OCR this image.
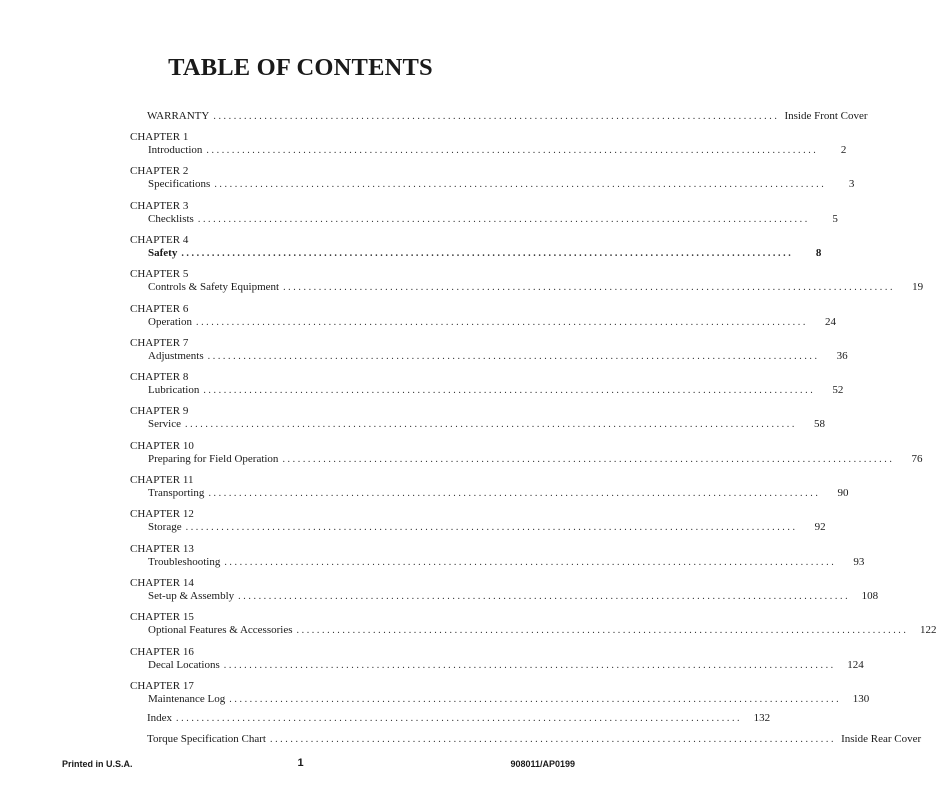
TABLE OF CONTENTS
WARRANTY ............................................................................................................... Inside Front Cover
CHAPTER 1
Introduction ........................................................................................................................	2
CHAPTER 2
Specifications ........................................................................................................................	3
CHAPTER 3
Checklists ........................................................................................................................	5
CHAPTER 4
Safety ........................................................................................................................	8
CHAPTER 5
Controls & Safety Equipment ........................................................................................................................	19
CHAPTER 6
Operation ........................................................................................................................	24
CHAPTER 7
Adjustments ........................................................................................................................	36
CHAPTER 8
Lubrication ........................................................................................................................	52
CHAPTER 9
Service ........................................................................................................................	58
CHAPTER 10
Preparing for Field Operation ........................................................................................................................	76
CHAPTER 11
Transporting ........................................................................................................................	90
CHAPTER 12
Storage ........................................................................................................................	92
CHAPTER 13
Troubleshooting ........................................................................................................................	93
CHAPTER 14
Set-up & Assembly ........................................................................................................................	108
CHAPTER 15
Optional Features & Accessories ........................................................................................................................	122
CHAPTER 16
Decal Locations ........................................................................................................................	124
CHAPTER 17
Maintenance Log ........................................................................................................................	130
Index ...............................................................................................................	132
Torque Specification Chart ............................................................................................................... Inside Rear Cover
Printed in U.S.A.	1	908011/AP0199
